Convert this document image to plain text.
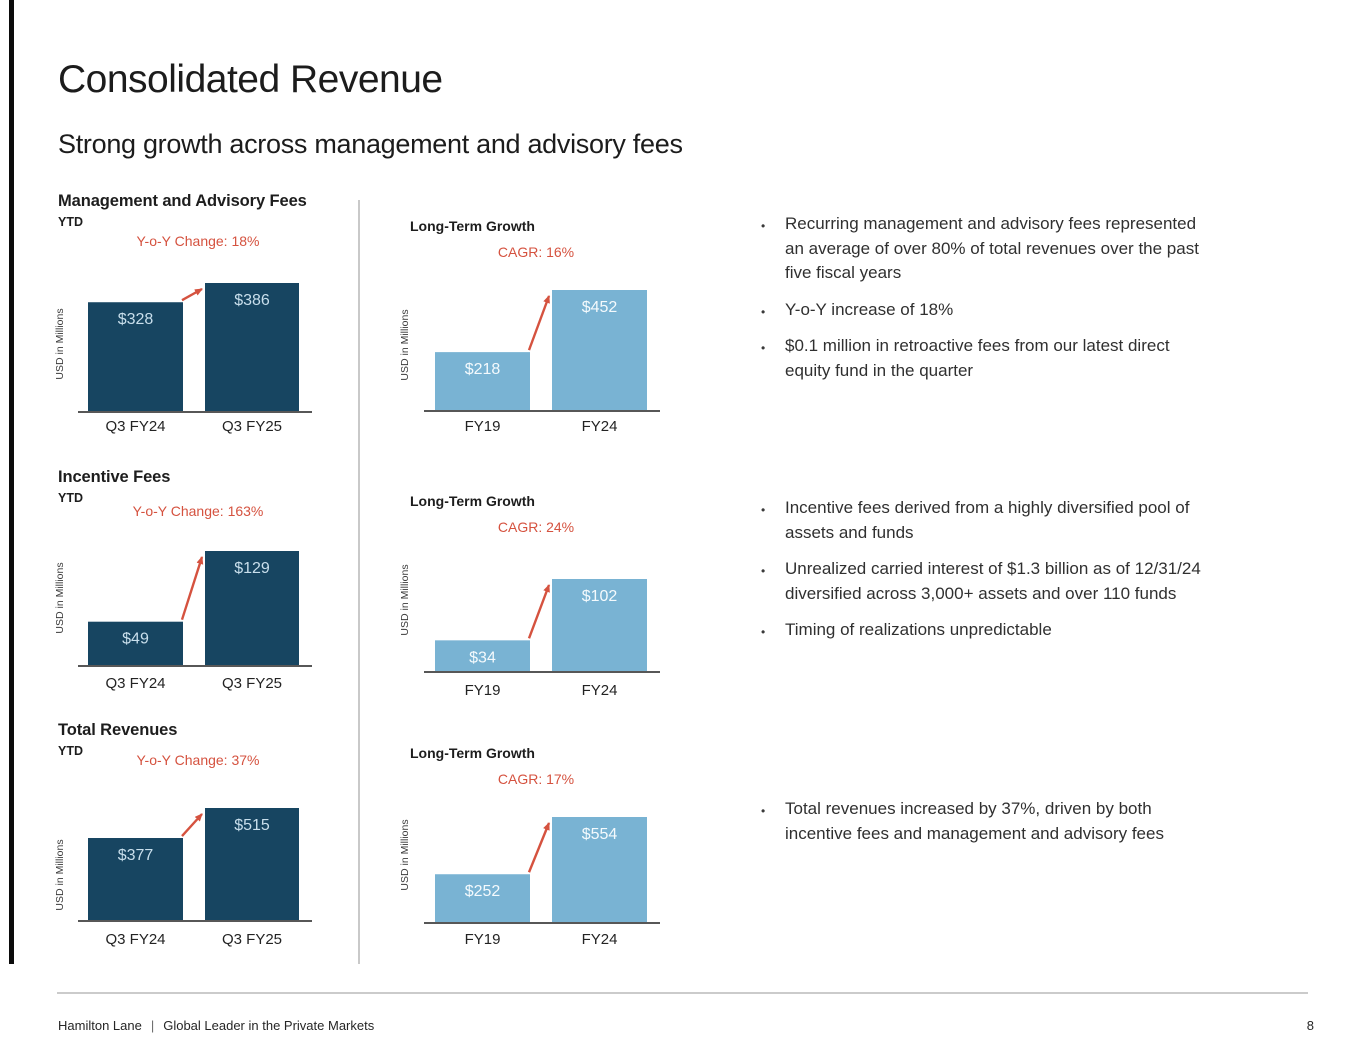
Consolidated Revenue
Strong growth across management and advisory fees
Management and Advisory Fees
YTD
Y-o-Y Change: 18%
Long-Term Growth
CAGR: 16%
• Recurring management and advisory fees represented an average of over 80% of total revenues over the past five fiscal years
• Y-o-Y increase of 18%
• $0.1 million in retroactive fees from our latest direct equity fund in the quarter
Incentive Fees
YTD
Y-o-Y Change: 163%
Long-Term Growth
CAGR: 24%
• Incentive fees derived from a highly diversified pool of assets and funds
• Unrealized carried interest of $1.3 billion as of 12/31/24 diversified across 3,000+ assets and over 110 funds
• Timing of realizations unpredictable
Total Revenues
YTD
Y-o-Y Change: 37%	Long-Term Growth
CAGR: 17%
• Total revenues increased by 37%, driven by both incentive fees and management and advisory fees
$328
$386
Q3 FY24	Q3 FY25
USD in Millions	$218
$452
FY19	FY24
USD in Millions
$49
$129
Q3 FY24	Q3 FY25
USD in Millions
$34
$102
FY19	FY24
USD in Millions
$377
$515
Q3 FY24	Q3 FY25
USD in Millions	$252
$554
FY19	FY24
USD in Millions
Hamilton Lane | Global Leader in the Private Markets	8
